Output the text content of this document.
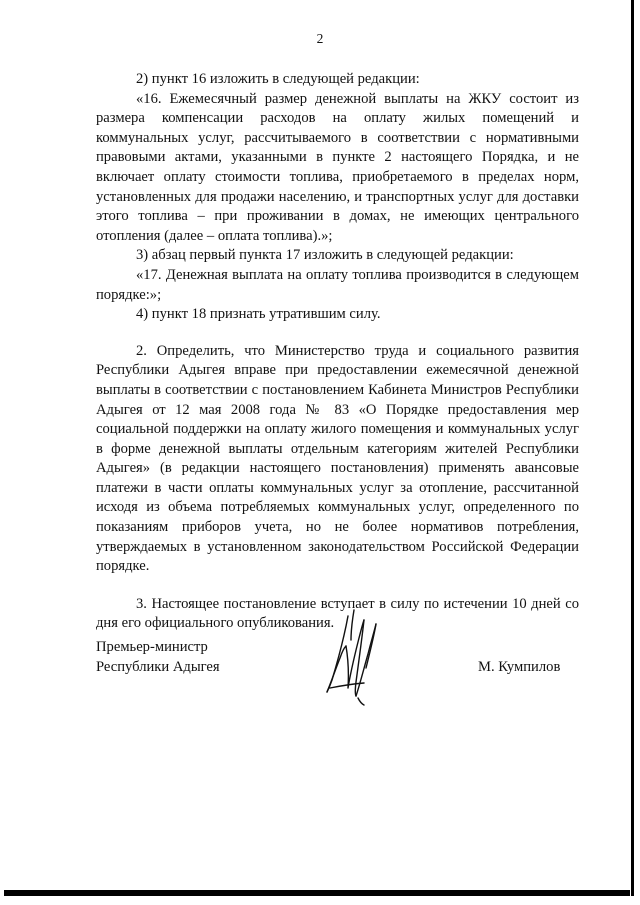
2

2) пункт 16 изложить в следующей редакции:

«16. Ежемесячный размер денежной выплаты на ЖКУ состоит из размера компенсации расходов на оплату жилых помещений и коммунальных услуг, рассчитываемого в соответствии с нормативными правовыми актами, указанными в пункте 2 настоящего Порядка, и не включает оплату стоимости топлива, приобретаемого в пределах норм, установленных для продажи населению, и транспортных услуг для доставки этого топлива – при проживании в домах, не имеющих центрального отопления (далее – оплата топлива).»;

3) абзац первый пункта 17 изложить в следующей редакции:

«17. Денежная выплата на оплату топлива производится в следующем порядке:»;

4) пункт 18 признать утратившим силу.

2. Определить, что Министерство труда и социального развития Республики Адыгея вправе при предоставлении ежемесячной денежной выплаты в соответствии с постановлением Кабинета Министров Республики Адыгея от 12 мая 2008 года № 83 «О Порядке предоставления мер социальной поддержки на оплату жилого помещения и коммунальных услуг в форме денежной выплаты отдельным категориям жителей Республики Адыгея» (в редакции настоящего постановления) применять авансовые платежи в части оплаты коммунальных услуг за отопление, рассчитанной исходя из объема потребляемых коммунальных услуг, определенного по показаниям приборов учета, но не более нормативов потребления, утверждаемых в установленном законодательством Российской Федерации порядке.

3. Настоящее постановление вступает в силу по истечении 10 дней со дня его официального опубликования.

Премьер-министр
Республики Адыгея	М. Кумпилов
